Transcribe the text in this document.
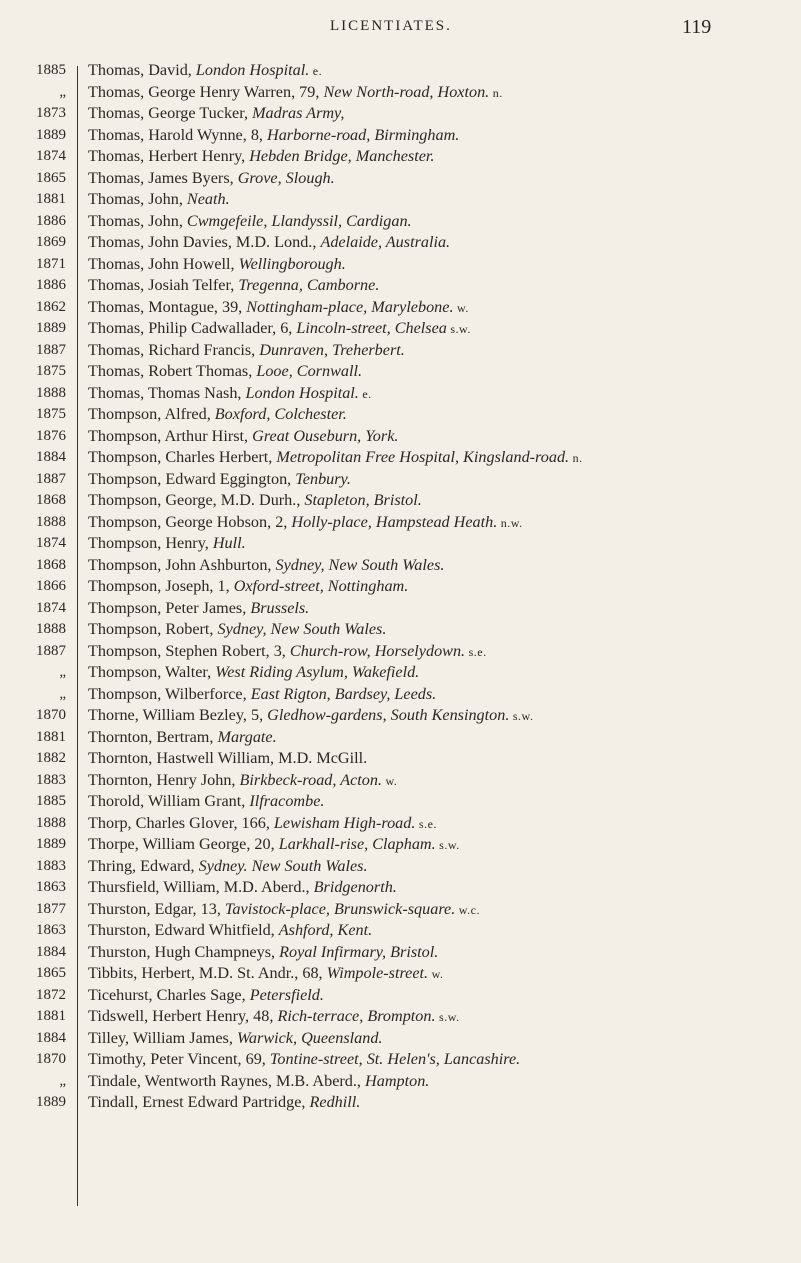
LICENTIATES.	119
1885 Thomas, David, London Hospital. e.
„ Thomas, George Henry Warren, 79, New North-road, Hoxton. n.
1873 Thomas, George Tucker, Madras Army,
1889 Thomas, Harold Wynne, 8, Harborne-road, Birmingham.
1874 Thomas, Herbert Henry, Hebden Bridge, Manchester.
1865 Thomas, James Byers, Grove, Slough.
1881 Thomas, John, Neath.
1886 Thomas, John, Cwmgefeile, Llandyssil, Cardigan.
1869 Thomas, John Davies, M.D. Lond., Adelaide, Australia.
1871 Thomas, John Howell, Wellingborough.
1886 Thomas, Josiah Telfer, Tregenna, Camborne.
1862 Thomas, Montague, 39, Nottingham-place, Marylebone. w.
1889 Thomas, Philip Cadwallader, 6, Lincoln-street, Chelsea s.w.
1887 Thomas, Richard Francis, Dunraven, Treherbert.
1875 Thomas, Robert Thomas, Looe, Cornwall.
1888 Thomas, Thomas Nash, London Hospital. e.
1875 Thompson, Alfred, Boxford, Colchester.
1876 Thompson, Arthur Hirst, Great Ouseburn, York.
1884 Thompson, Charles Herbert, Metropolitan Free Hospital, Kingsland-road. n.
1887 Thompson, Edward Eggington, Tenbury.
1868 Thompson, George, M.D. Durh., Stapleton, Bristol.
1888 Thompson, George Hobson, 2, Holly-place, Hampstead Heath. n.w.
1874 Thompson, Henry, Hull.
1868 Thompson, John Ashburton, Sydney, New South Wales.
1866 Thompson, Joseph, 1, Oxford-street, Nottingham.
1874 Thompson, Peter James, Brussels.
1888 Thompson, Robert, Sydney, New South Wales.
1887 Thompson, Stephen Robert, 3, Church-row, Horselydown. s.e.
„ Thompson, Walter, West Riding Asylum, Wakefield.
„ Thompson, Wilberforce, East Rigton, Bardsey, Leeds.
1870 Thorne, William Bezley, 5, Gledhow-gardens, South Kensington. s.w.
1881 Thornton, Bertram, Margate.
1882 Thornton, Hastwell William, M.D. McGill.
1883 Thornton, Henry John, Birkbeck-road, Acton. w.
1885 Thorold, William Grant, Ilfracombe.
1888 Thorp, Charles Glover, 166, Lewisham High-road. s.e.
1889 Thorpe, William George, 20, Larkhall-rise, Clapham. s.w.
1883 Thring, Edward, Sydney. New South Wales.
1863 Thursfield, William, M.D. Aberd., Bridgenorth.
1877 Thurston, Edgar, 13, Tavistock-place, Brunswick-square. w.c.
1863 Thurston, Edward Whitfield, Ashford, Kent.
1884 Thurston, Hugh Champneys, Royal Infirmary, Bristol.
1865 Tibbits, Herbert, M.D. St. Andr., 68, Wimpole-street. w.
1872 Ticehurst, Charles Sage, Petersfield.
1881 Tidswell, Herbert Henry, 48, Rich-terrace, Brompton. s.w.
1884 Tilley, William James, Warwick, Queensland.
1870 Timothy, Peter Vincent, 69, Tontine-street, St. Helen's, Lancashire.
„ Tindale, Wentworth Raynes, M.B. Aberd., Hampton.
1889 Tindall, Ernest Edward Partridge, Redhill.
